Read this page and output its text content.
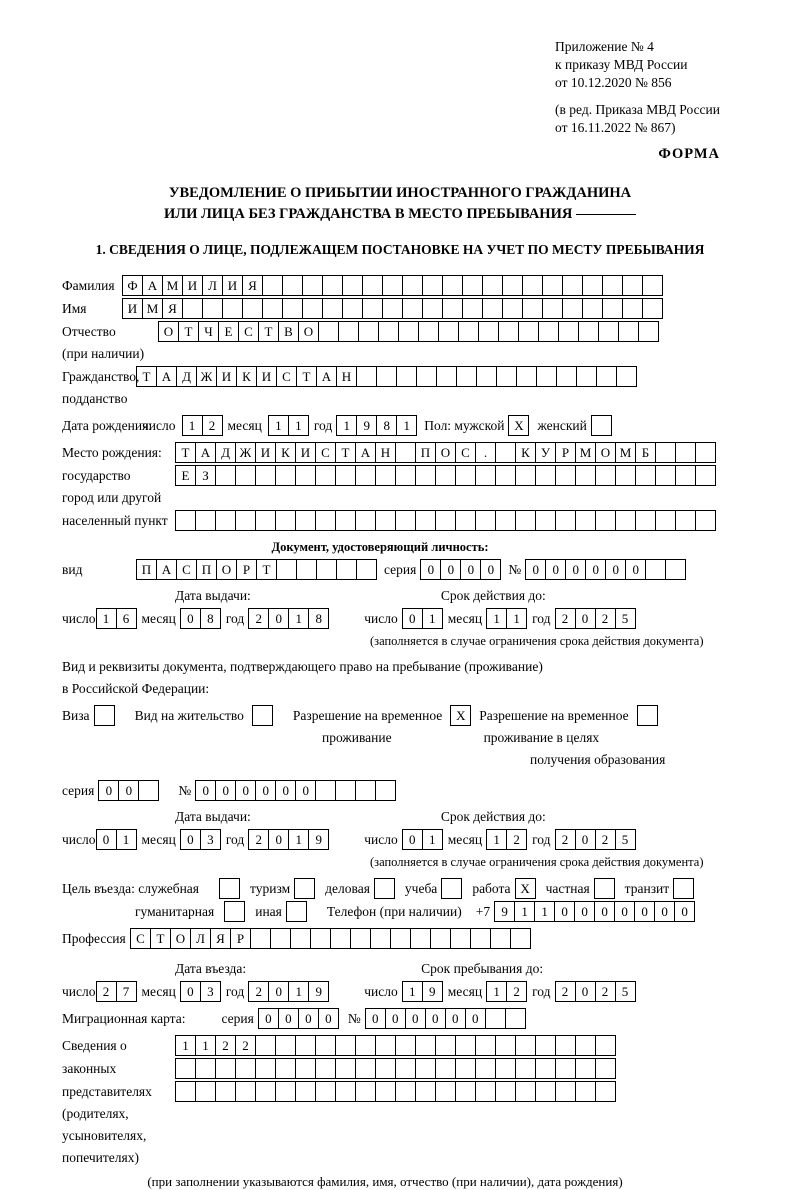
Приложение № 4
к приказу МВД России
от 10.12.2020 № 856
(в ред. Приказа МВД России
от 16.11.2022 № 867)
ФОРМА
УВЕДОМЛЕНИЕ О ПРИБЫТИИ ИНОСТРАННОГО ГРАЖДАНИНА
ИЛИ ЛИЦА БЕЗ ГРАЖДАНСТВА В МЕСТО ПРЕБЫВАНИЯ
1. СВЕДЕНИЯ О ЛИЦЕ, ПОДЛЕЖАЩЕМ ПОСТАНОВКЕ НА УЧЕТ ПО МЕСТУ ПРЕБЫВАНИЯ
Фамилия Ф А М И Л И Я
Имя	И М Я
Отчество	О Т Ч Е С Т В О
(при наличии)
Гражданство, Т А Д Ж И К И С Т А Н
подданство
Дата рождения:
число	1	2 месяц	1	1 год 1	9	8	1	Пол: мужской X	женский
Место рождения:	Т А Д Ж И К И С Т А Н	П О С	.	К У Р М О М Б
государство	Е З
город или другой
населенный пункт
Документ, удостоверяющий личность:
вид	П А С П О Р Т	серия 0	0	0	0	№ 0	0	0	0	0	0
Дата выдачи:	Срок действия до:
число 1	6 месяц 0	8 год 2	0	1	8	число 0	1 месяц 1	1 год 2	0	2	5
(заполняется в случае ограничения срока действия документа)
Вид и реквизиты документа, подтверждающего право на пребывание (проживание)
в Российской Федерации:
Виза	Вид на жительство	Разрешение на временное	X	Разрешение на временное
проживание	проживание в целях
получения образования
серия 0	0	№ 0	0	0	0	0	0
Дата выдачи:	Срок действия до:
число 0	1 месяц 0	3 год 2	0	1	9	число 0	1 месяц 1	2 год 2	0	2	5
(заполняется в случае ограничения срока действия документа)
Цель въезда: служебная	туризм	деловая	учеба	работа X	частная	транзит
гуманитарная	иная	Телефон (при наличии) +7 9	1	1	0	0	0	0	0	0	0
Профессия С Т О Л Я Р
Дата въезда:	Срок пребывания до:
число 2	7 месяц 0	3 год 2	0	1	9	число 1	9 месяц 1	2 год 2	0	2	5
Миграционная карта:	серия 0	0	0	0	№ 0	0	0	0	0	0
Сведения о	1	1	2	2
законных
представителях
(родителях,
усыновителях,
попечителях)
(при заполнении указываются фамилия, имя, отчество (при наличии), дата рождения)
